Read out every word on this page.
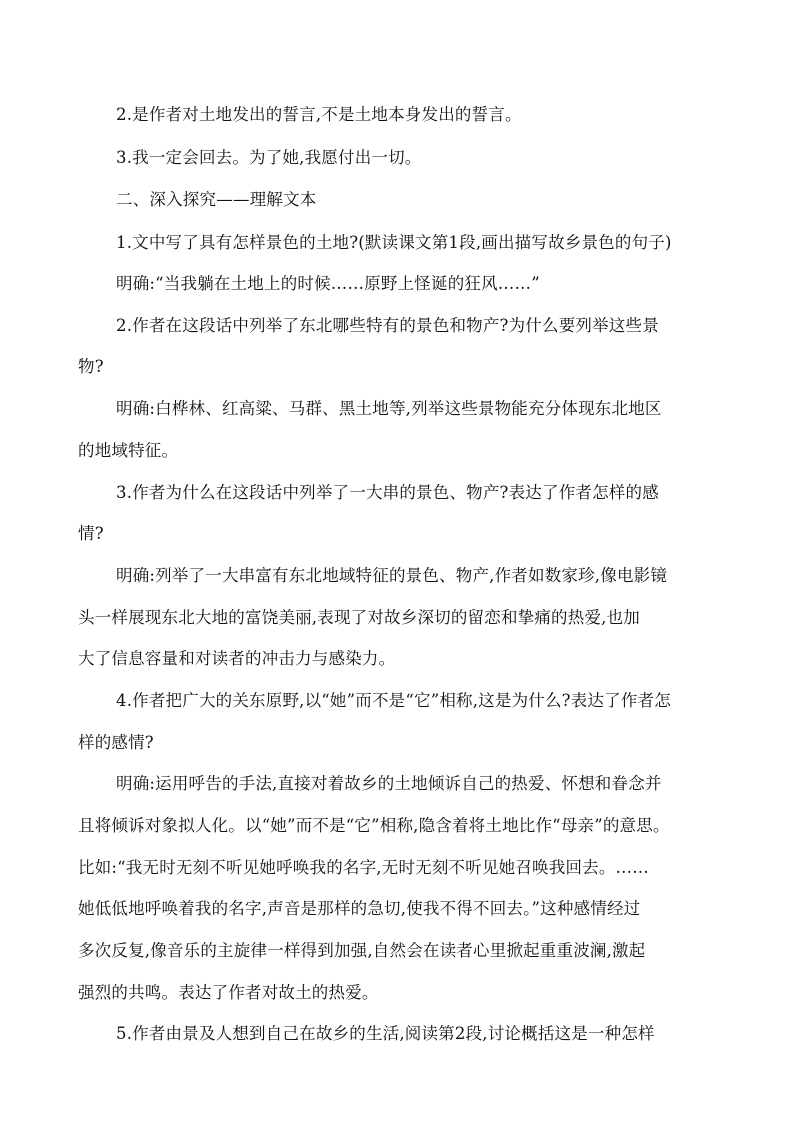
2.是作者对土地发出的誓言,不是土地本身发出的誓言。
3.我一定会回去。为了她,我愿付出一切。
二、深入探究——理解文本
1.文中写了具有怎样景色的土地?(默读课文第1段,画出描写故乡景色的句子)
明确:“当我躺在土地上的时候……原野上怪诞的狂风……”
2.作者在这段话中列举了东北哪些特有的景色和物产?为什么要列举这些景
物?
明确:白桦林、红高粱、马群、黑土地等,列举这些景物能充分体现东北地区
的地域特征。
3.作者为什么在这段话中列举了一大串的景色、物产?表达了作者怎样的感
情?
明确:列举了一大串富有东北地域特征的景色、物产,作者如数家珍,像电影镜
头一样展现东北大地的富饶美丽,表现了对故乡深切的留恋和挚痛的热爱,也加
大了信息容量和对读者的冲击力与感染力。
4.作者把广大的关东原野,以“她”而不是“它”相称,这是为什么?表达了作者怎
样的感情?
明确:运用呼告的手法,直接对着故乡的土地倾诉自己的热爱、怀想和眷念并
且将倾诉对象拟人化。以“她”而不是“它”相称,隐含着将土地比作“母亲”的意思。
比如:“我无时无刻不听见她呼唤我的名字,无时无刻不听见她召唤我回去。……
她低低地呼唤着我的名字,声音是那样的急切,使我不得不回去。”这种感情经过
多次反复,像音乐的主旋律一样得到加强,自然会在读者心里掀起重重波澜,激起
强烈的共鸣。表达了作者对故土的热爱。
5.作者由景及人想到自己在故乡的生活,阅读第2段,讨论概括这是一种怎样
